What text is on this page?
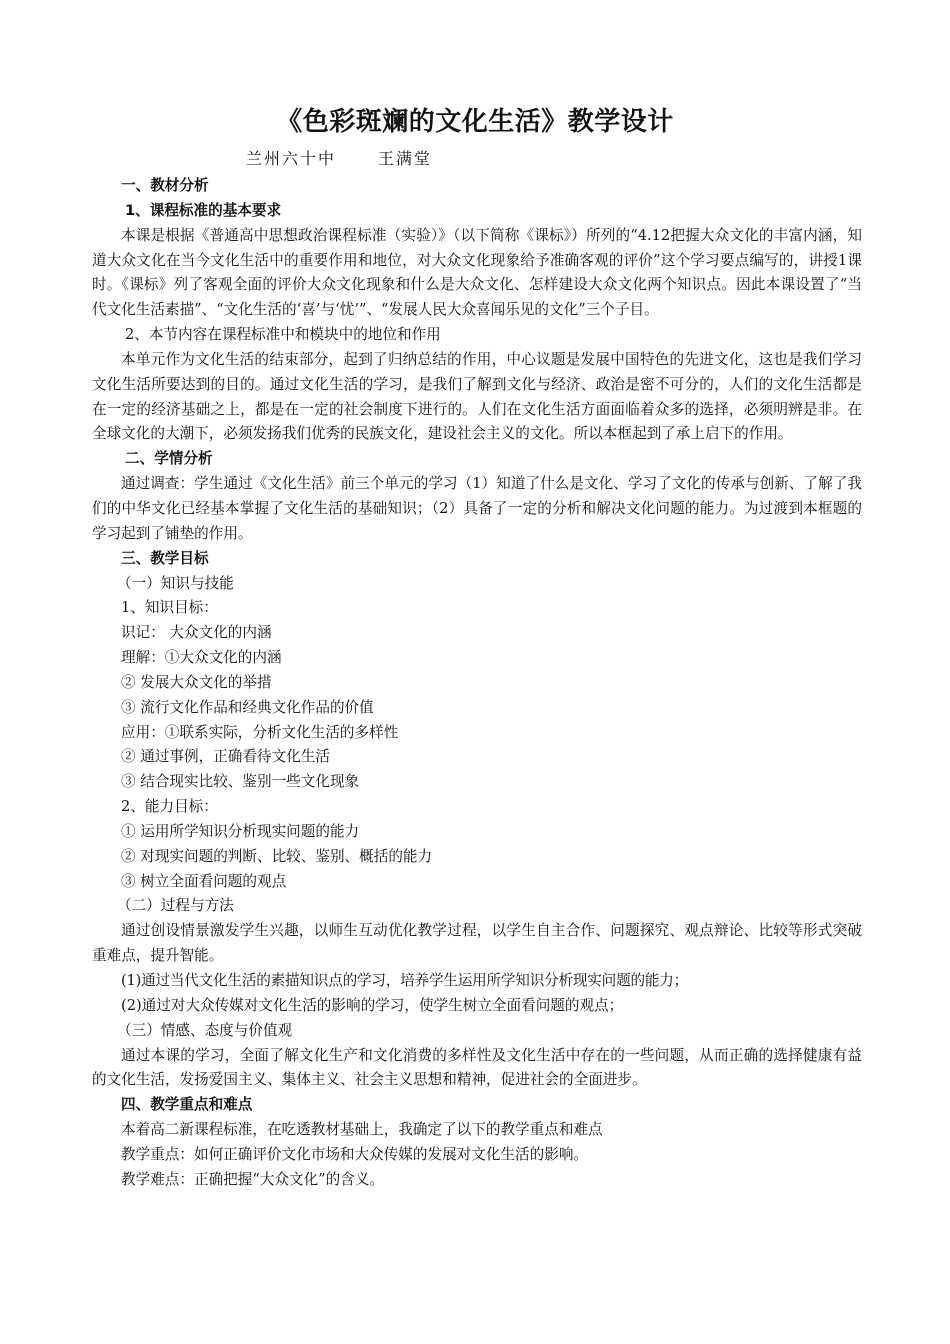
《色彩斑斓的文化生活》教学设计
兰州六十中	王满堂

一、教材分析

1、课程标准的基本要求

本课是根据《普通高中思想政治课程标准（实验）》（以下简称《课标》）所列的“4.12把握大众文化的丰富内涵，知道大众文化在当今文化生活中的重要作用和地位，对大众文化现象给予准确客观的评价”这个学习要点编写的，讲授1课时。《课标》列了客观全面的评价大众文化现象和什么是大众文化、怎样建设大众文化两个知识点。因此本课设置了“当代文化生活素描”、“文化生活的‘喜’与‘忧’”、“发展人民大众喜闻乐见的文化”三个子目。

2、本节内容在课程标准中和模块中的地位和作用

本单元作为文化生活的结束部分，起到了归纳总结的作用，中心议题是发展中国特色的先进文化，这也是我们学习文化生活所要达到的目的。通过文化生活的学习，是我们了解到文化与经济、政治是密不可分的，人们的文化生活都是在一定的经济基础之上，都是在一定的社会制度下进行的。人们在文化生活方面面临着众多的选择，必须明辨是非。在全球文化的大潮下，必须发扬我们优秀的民族文化，建设社会主义的文化。所以本框起到了承上启下的作用。

二、学情分析

通过调查：学生通过《文化生活》前三个单元的学习（1）知道了什么是文化、学习了文化的传承与创新、了解了我们的中华文化已经基本掌握了文化生活的基础知识；（2）具备了一定的分析和解决文化问题的能力。为过渡到本框题的学习起到了铺垫的作用。

三、教学目标

（一）知识与技能

1、知识目标：

识记： 大众文化的内涵

理解：①大众文化的内涵

② 发展大众文化的举措

③ 流行文化作品和经典文化作品的价值

应用：①联系实际，分析文化生活的多样性

② 通过事例，正确看待文化生活

③ 结合现实比较、鉴别一些文化现象

2、能力目标：

① 运用所学知识分析现实问题的能力

② 对现实问题的判断、比较、鉴别、概括的能力

③ 树立全面看问题的观点

（二）过程与方法

通过创设情景激发学生兴趣，以师生互动优化教学过程，以学生自主合作、问题探究、观点辩论、比较等形式突破重难点，提升智能。

(1)通过当代文化生活的素描知识点的学习，培养学生运用所学知识分析现实问题的能力；

(2)通过对大众传媒对文化生活的影响的学习，使学生树立全面看问题的观点；

（三）情感、态度与价值观

通过本课的学习，全面了解文化生产和文化消费的多样性及文化生活中存在的一些问题，从而正确的选择健康有益的文化生活，发扬爱国主义、集体主义、社会主义思想和精神，促进社会的全面进步。

四、教学重点和难点

本着高二新课程标准，在吃透教材基础上，我确定了以下的教学重点和难点

教学重点：如何正确评价文化市场和大众传媒的发展对文化生活的影响。

教学难点：正确把握“大众文化”的含义。
